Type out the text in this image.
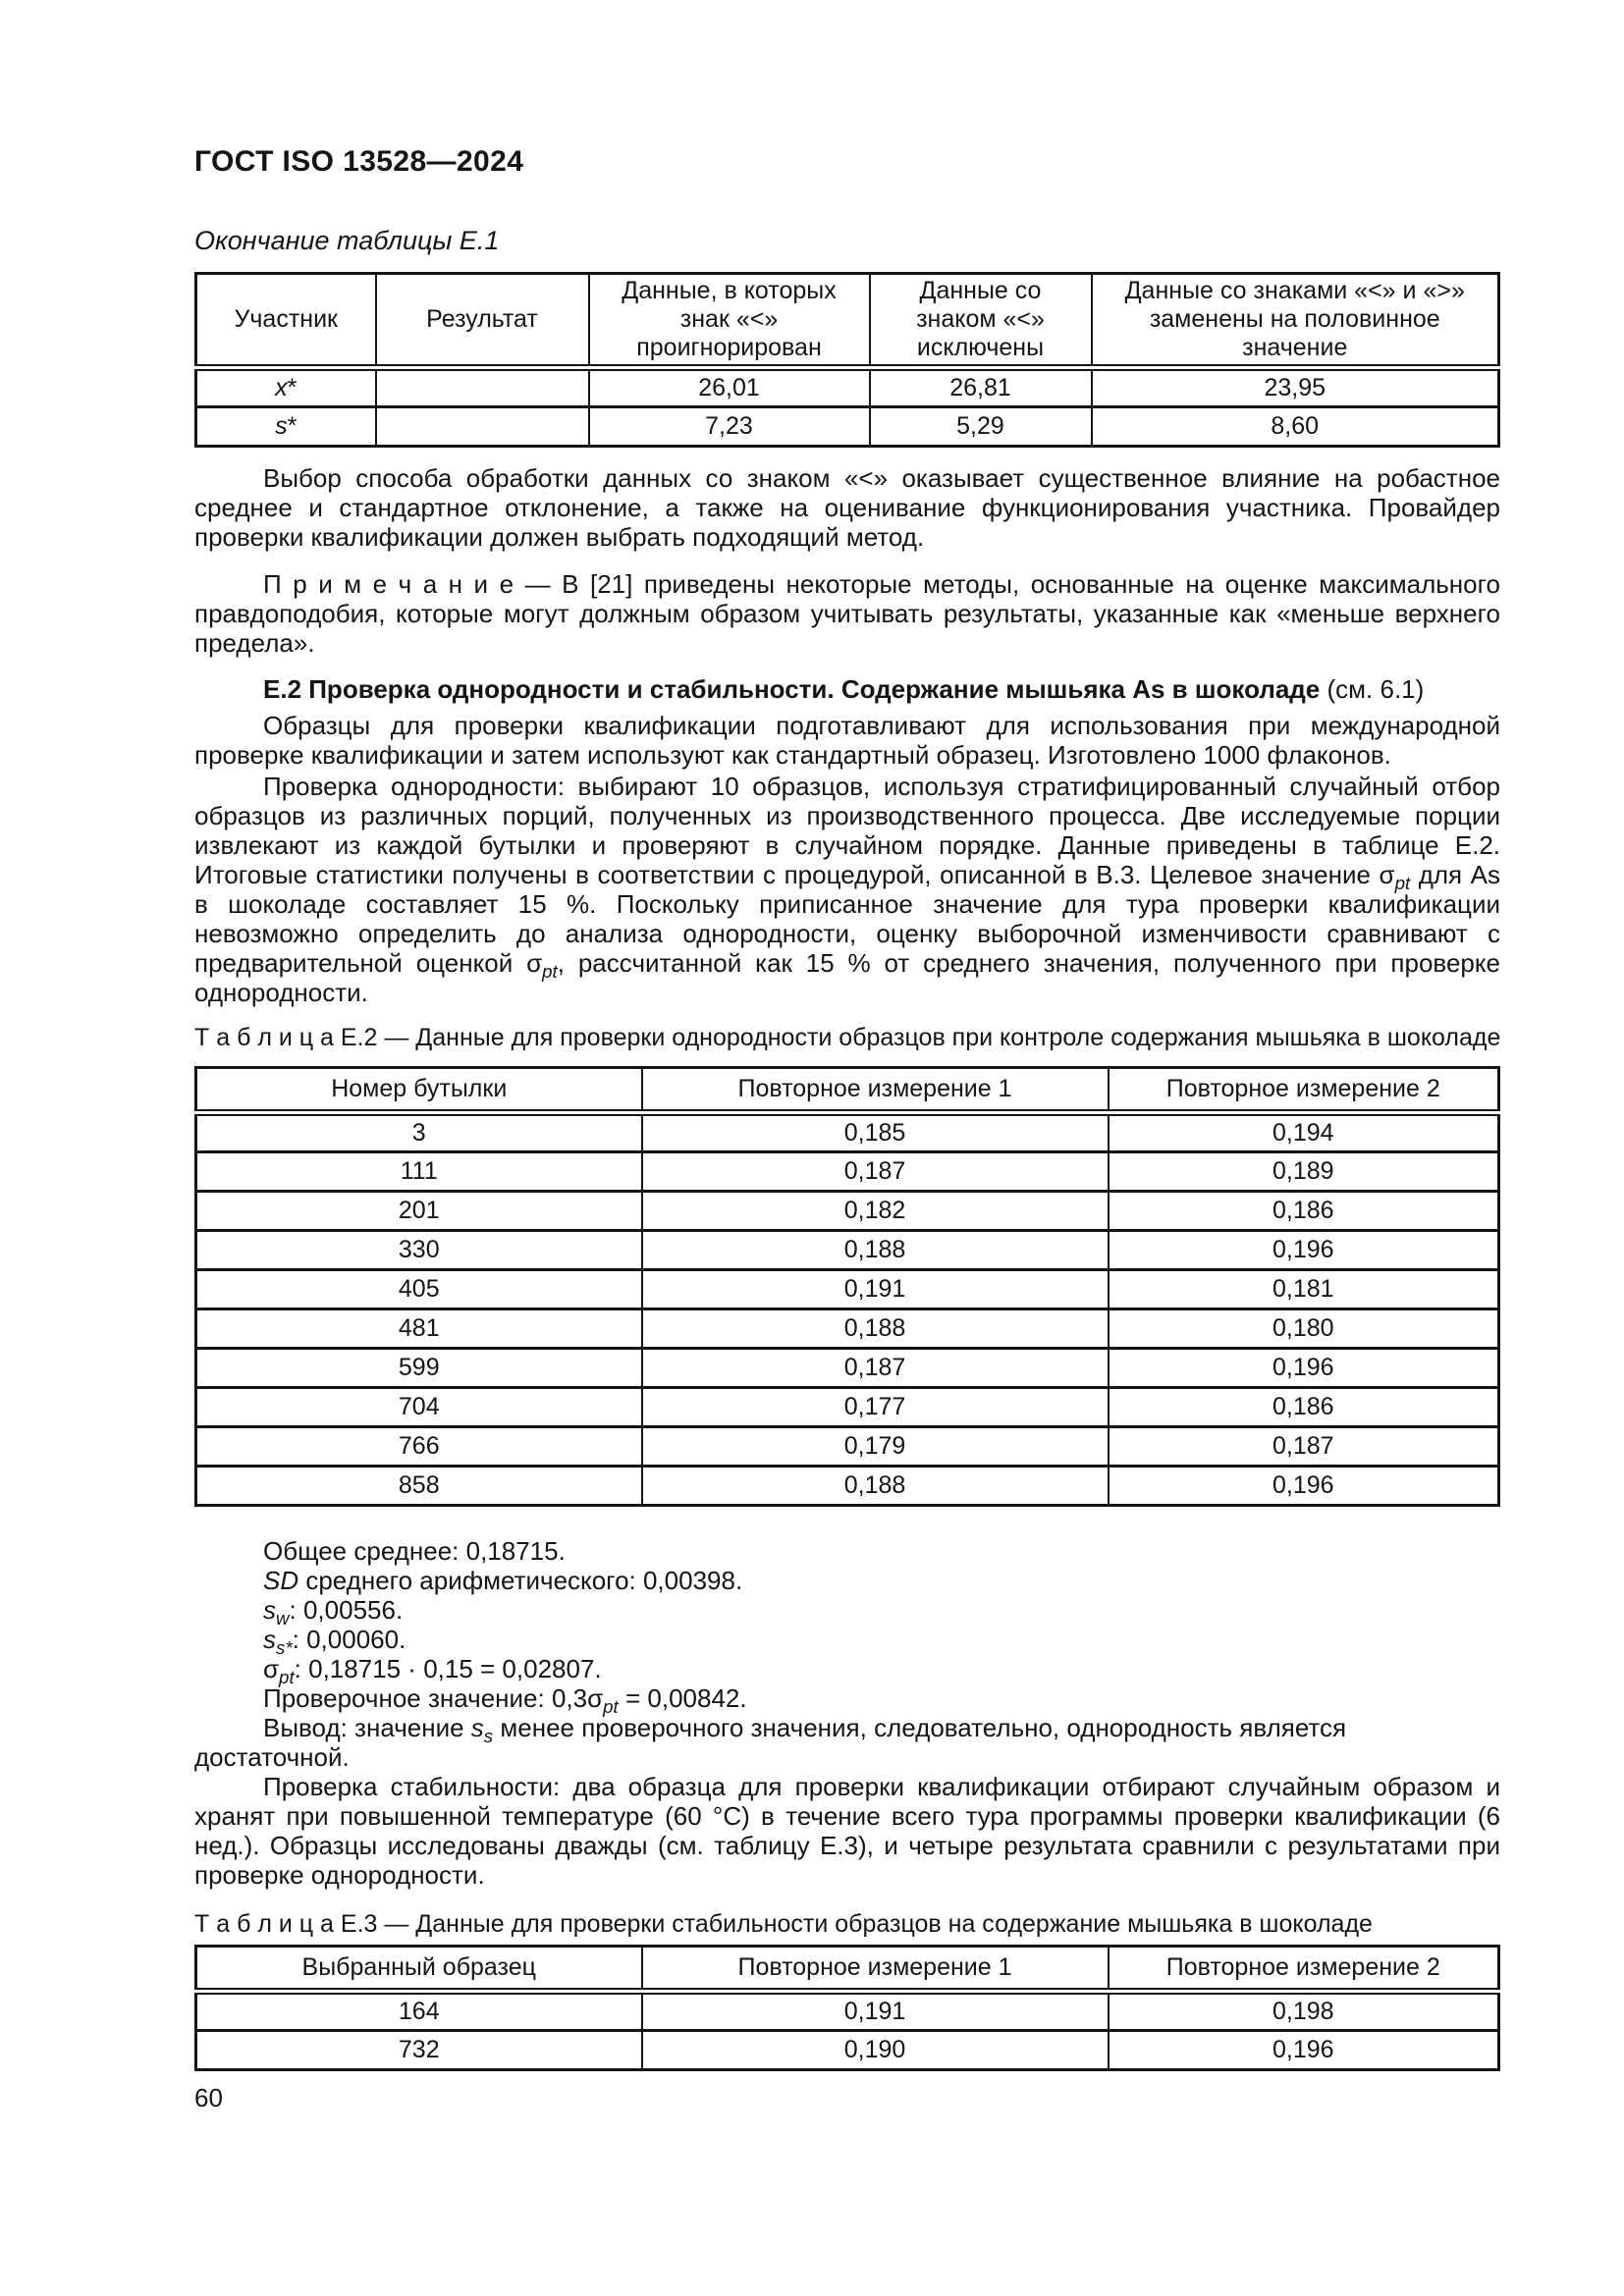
ГОСТ ISO 13528—2024
Окончание таблицы Е.1
Участник	Результат	Данные, в которых знак «<» проигнорирован	Данные со знаком «<» исключены	Данные со знаками «<» и «>» заменены на половинное значение
x*		26,01	26,81	23,95
s*		7,23	5,29	8,60

Выбор способа обработки данных со знаком «<» оказывает существенное влияние на робастное среднее и стандартное отклонение, а также на оценивание функционирования участника. Провайдер проверки квалификации должен выбрать подходящий метод.

П р и м е ч а н и е — В [21] приведены некоторые методы, основанные на оценке максимального правдоподобия, которые могут должным образом учитывать результаты, указанные как «меньше верхнего предела».

Е.2 Проверка однородности и стабильности. Содержание мышьяка As в шоколаде (см. 6.1)

Образцы для проверки квалификации подготавливают для использования при международной проверке квалификации и затем используют как стандартный образец. Изготовлено 1000 флаконов.

Проверка однородности: выбирают 10 образцов, используя стратифицированный случайный отбор образцов из различных порций, полученных из производственного процесса. Две исследуемые порции извлекают из каждой бутылки и проверяют в случайном порядке. Данные приведены в таблице Е.2. Итоговые статистики получены в соответствии с процедурой, описанной в В.3. Целевое значение $\sigma_{pt}$ для As в шоколаде составляет 15 %. Поскольку приписанное значение для тура проверки квалификации невозможно определить до анализа однородности, оценку выборочной изменчивости сравнивают с предварительной оценкой $\sigma_{pt}$, рассчитанной как 15 % от среднего значения, полученного при проверке однородности.

Т а б л и ц а Е.2 — Данные для проверки однородности образцов при контроле содержания мышьяка в шоколаде
Номер бутылки	Повторное измерение 1	Повторное измерение 2
3	0,185	0,194
111	0,187	0,189
201	0,182	0,186
330	0,188	0,196
405	0,191	0,181
481	0,188	0,180
599	0,187	0,196
704	0,177	0,186
766	0,179	0,187
858	0,188	0,196
Общее среднее: 0,18715.
SD среднего арифметического: 0,00398.
$s_w$: 0,00556.
$s_{s*}$: 0,00060.
$\sigma_{pt}$: 0,18715 · 0,15 = 0,02807.
Проверочное значение: $0,3\sigma_{pt} = 0,00842$.
Вывод: значение $s_s$ менее проверочного значения, следовательно, однородность является достаточной.

Проверка стабильности: два образца для проверки квалификации отбирают случайным образом и хранят при повышенной температуре (60 °C) в течение всего тура программы проверки квалификации (6 нед.). Образцы исследованы дважды (см. таблицу Е.3), и четыре результата сравнили с результатами при проверке однородности.

Т а б л и ц а Е.3 — Данные для проверки стабильности образцов на содержание мышьяка в шоколаде
Выбранный образец	Повторное измерение 1	Повторное измерение 2
164	0,191	0,198
732	0,190	0,196
60
